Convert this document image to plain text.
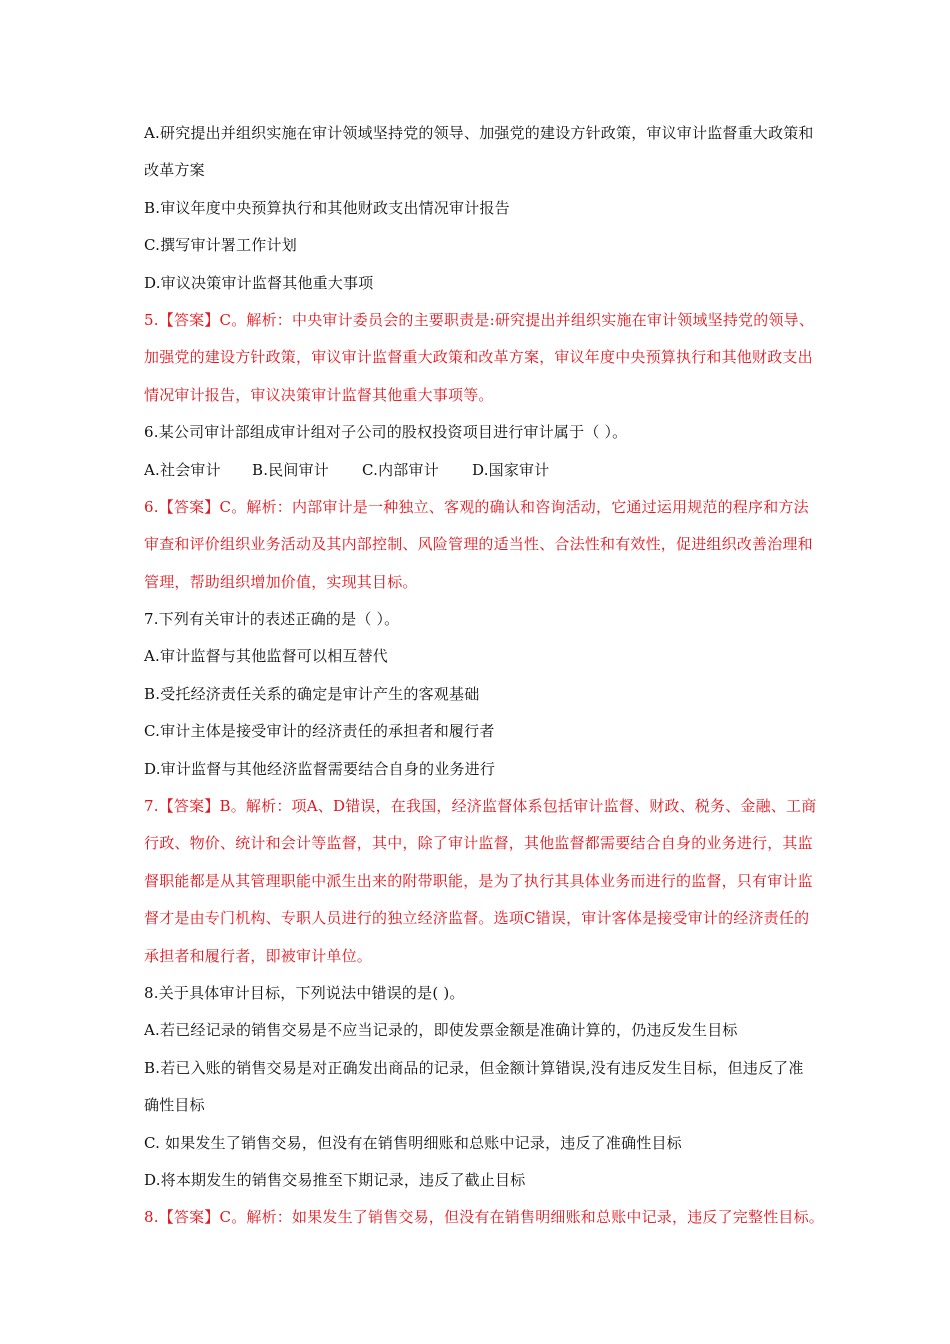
A.研究提出并组织实施在审计领域坚持党的领导、加强党的建设方针政策，审议审计监督重大政策和
改革方案
B.审议年度中央预算执行和其他财政支出情况审计报告
C.撰写审计署工作计划
D.审议决策审计监督其他重大事项
5.【答案】C。解析：中央审计委员会的主要职责是:研究提出并组织实施在审计领域坚持党的领导、
加强党的建设方针政策，审议审计监督重大政策和改革方案，审议年度中央预算执行和其他财政支出
情况审计报告，审议决策审计监督其他重大事项等。
6.某公司审计部组成审计组对子公司的股权投资项目进行审计属于（ ）。
A.社会审计 B.民间审计 C.内部审计 D.国家审计
6.【答案】C。解析：内部审计是一种独立、客观的确认和咨询活动，它通过运用规范的程序和方法
审查和评价组织业务活动及其内部控制、风险管理的适当性、合法性和有效性，促进组织改善治理和
管理，帮助组织增加价值，实现其目标。
7.下列有关审计的表述正确的是（ ）。
A.审计监督与其他监督可以相互替代
B.受托经济责任关系的确定是审计产生的客观基础
C.审计主体是接受审计的经济责任的承担者和履行者
D.审计监督与其他经济监督需要结合自身的业务进行
7.【答案】B。解析：项A、D错误，在我国，经济监督体系包括审计监督、财政、税务、金融、工商
行政、物价、统计和会计等监督，其中，除了审计监督，其他监督都需要结合自身的业务进行，其监
督职能都是从其管理职能中派生出来的附带职能，是为了执行其具体业务而进行的监督，只有审计监
督才是由专门机构、专职人员进行的独立经济监督。选项C错误，审计客体是接受审计的经济责任的
承担者和履行者，即被审计单位。
8.关于具体审计目标，下列说法中错误的是( )。
A.若已经记录的销售交易是不应当记录的，即使发票金额是准确计算的，仍违反发生目标
B.若已入账的销售交易是对正确发出商品的记录，但金额计算错误,没有违反发生目标，但违反了准
确性目标
C. 如果发生了销售交易，但没有在销售明细账和总账中记录，违反了准确性目标
D.将本期发生的销售交易推至下期记录，违反了截止目标
8.【答案】C。解析：如果发生了销售交易，但没有在销售明细账和总账中记录，违反了完整性目标。
